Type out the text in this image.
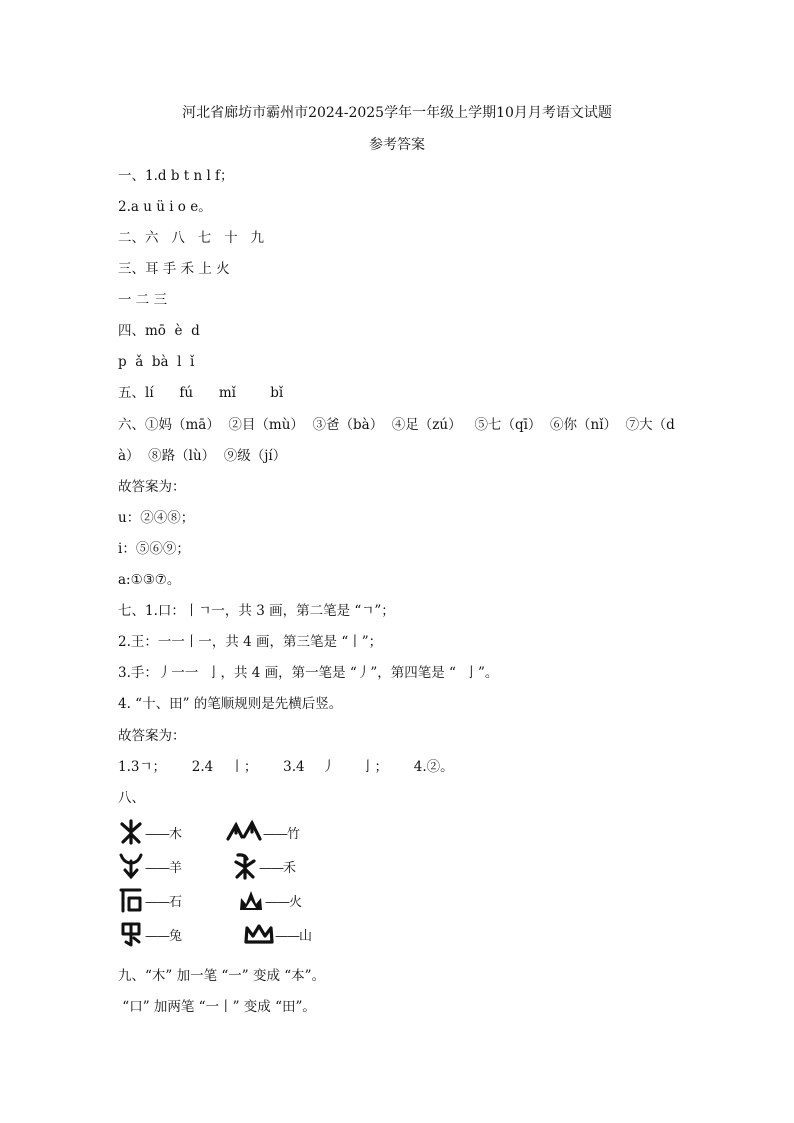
河北省廊坊市霸州市2024-2025学年一年级上学期10月月考语文试题
参考答案
一、1.d b t n l f；
2.a u ü i o e。
二、六   八   七   十   九
三、耳 手 禾 上 火
一 二 三
四、mō  è  d
p  ǎ  bà  l  ǐ
五、lí      fú      mǐ        bǐ
六、①妈（mā）  ②目（mù）  ③爸（bà）  ④足（zú）   ⑤七（qī）  ⑥你（nǐ）  ⑦大（d
à）  ⑧路（lù）  ⑨级（jí）
故答案为：
u：②④⑧；
i：⑤⑥⑨；
a:①③⑦。
七、1.口：丨ㄱ一，共 3 画，第二笔是 “ㄱ”；
2.王：一一丨一，共 4 画，第三笔是 “丨”；
3.手：丿一一  亅，共 4 画，第一笔是 “丿”，第四笔是 “  亅”。
4. “十、田” 的笔顺规则是先横后竖。
故答案为：
1.3ㄱ；      2.4    丨；      3.4    丿      亅；      4.②。
八、
——木	——竹
——羊	——禾
——石	——火
——兔	——山
九、“木” 加一笔 “一” 变成 “本”。
“口” 加两笔 “一丨” 变成 “田”。
